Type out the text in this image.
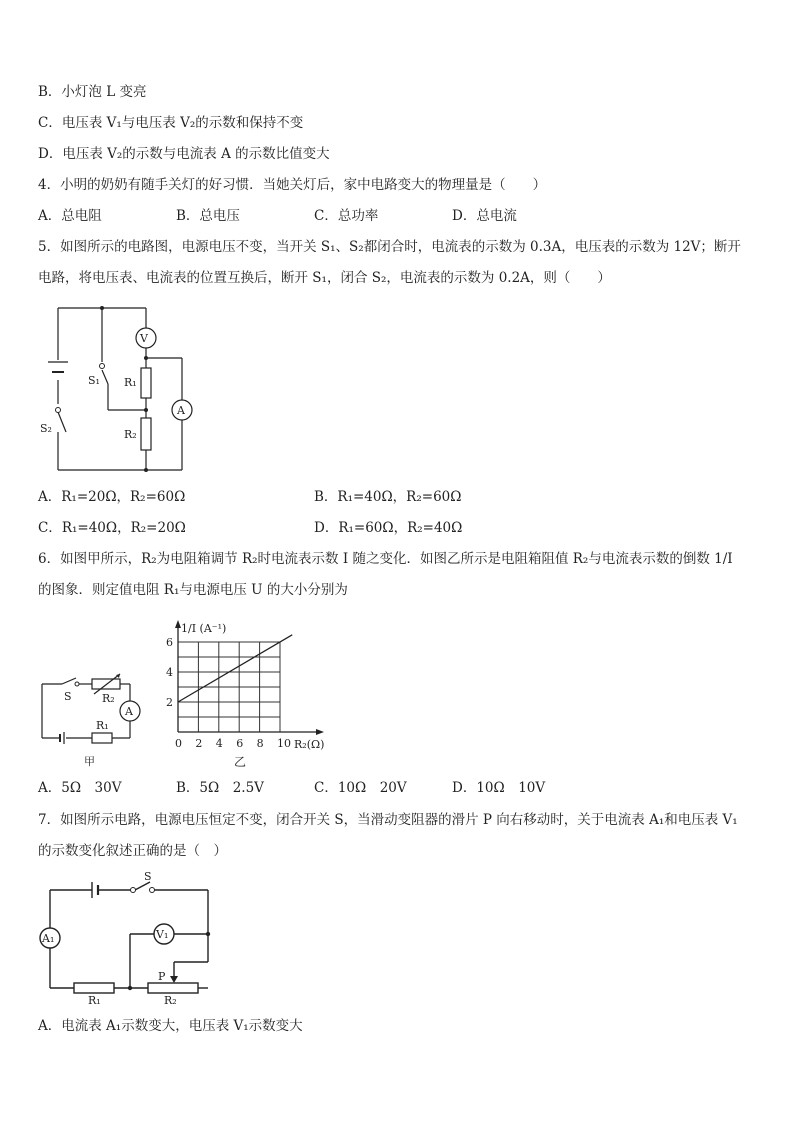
B．小灯泡 L 变亮
C．电压表 V₁与电压表 V₂的示数和保持不变
D．电压表 V₂的示数与电流表 A 的示数比值变大
4．小明的奶奶有随手关灯的好习惯．当她关灯后，家中电路变大的物理量是（　　）
A．总电阻	B．总电压	C．总功率	D．总电流
5．如图所示的电路图，电源电压不变，当开关 S₁、S₂都闭合时，电流表的示数为 0.3A，电压表的示数为 12V；断开
电路，将电压表、电流表的位置互换后，断开 S₁，闭合 S₂，电流表的示数为 0.2A，则（　　）
V
A
S₁
S₂
R₁
R₂
A．R₁=20Ω，R₂=60Ω	B．R₁=40Ω，R₂=60Ω
C．R₁=40Ω，R₂=20Ω	D．R₁=60Ω，R₂=40Ω
6．如图甲所示，R₂为电阻箱调节 R₂时电流表示数 I 随之变化．如图乙所示是电阻箱阻值 R₂与电流表示数的倒数 1/I
的图象．则定值电阻 R₁与电源电压 U 的大小分别为
S	R₂
A
R₁
甲
0 2 4 6 8 10
2
4
6
1/I (A⁻¹)
R₂(Ω)
乙
A．5Ω　30V	B．5Ω　2.5V	C．10Ω　20V	D．10Ω　10V
7．如图所示电路，电源电压恒定不变，闭合开关 S，当滑动变阻器的滑片 P 向右移动时，关于电流表 A₁和电压表 V₁
的示数变化叙述正确的是（　）
S
A₁	V₁
P
R₁	R₂
A．电流表 A₁示数变大，电压表 V₁示数变大
